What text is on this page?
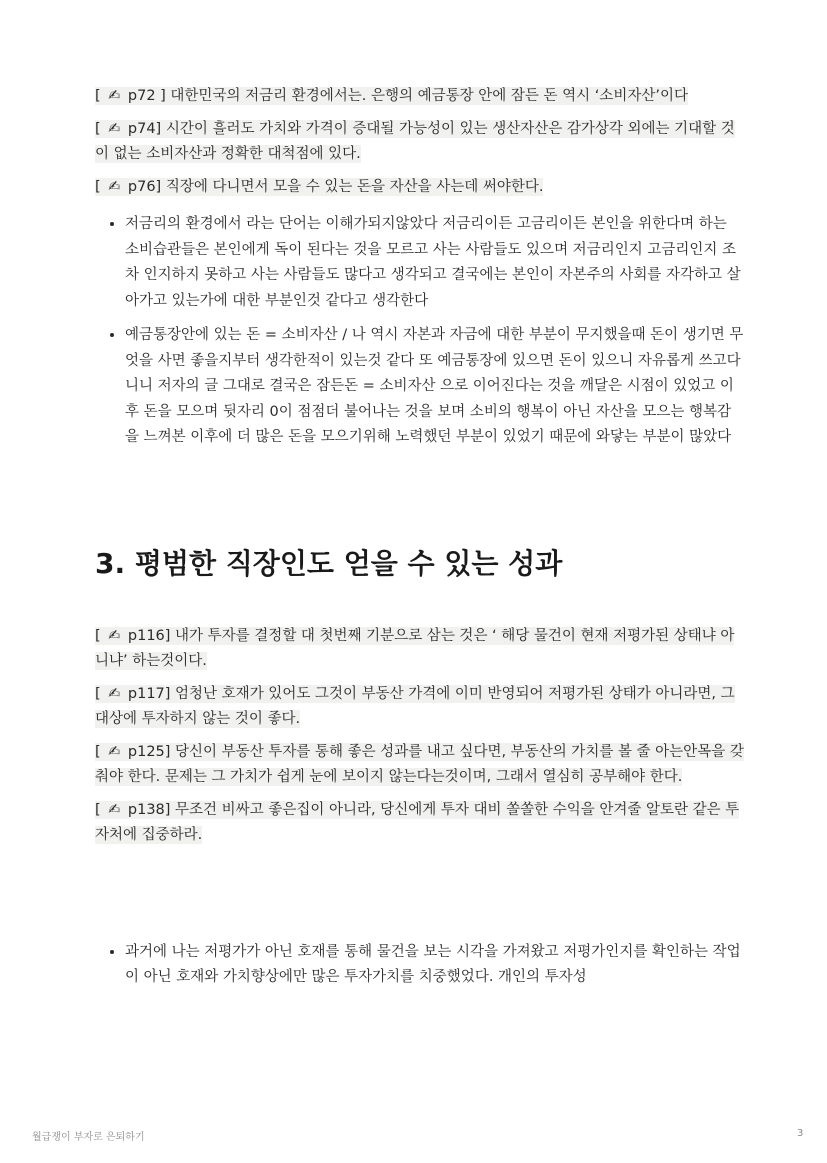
[ ✍ p72 ] 대한민국의 저금리 환경에서는. 은행의 예금통장 안에 잠든 돈 역시 ‘소비자산’이다

[ ✍ p74] 시간이 흘러도 가치와 가격이 증대될 가능성이 있는 생산자산은 감가상각 외에는 기대할 것이 없는 소비자산과 정확한 대척점에 있다.

[ ✍ p76] 직장에 다니면서 모을 수 있는 돈을 자산을 사는데 써야한다.

• 저금리의 환경에서 라는 단어는 이해가되지않았다 저금리이든 고금리이든 본인을 위한다며 하는 소비습관들은 본인에게 독이 된다는 것을 모르고 사는 사람들도 있으며 저금리인지 고금리인지 조차 인지하지 못하고 사는 사람들도 많다고 생각되고 결국에는 본인이 자본주의 사회를 자각하고 살아가고 있는가에 대한 부분인것 같다고 생각한다
• 예금통장안에 있는 돈 = 소비자산 / 나 역시 자본과 자금에 대한 부분이 무지했을때 돈이 생기면 무엇을 사면 좋을지부터 생각한적이 있는것 같다 또 예금통장에 있으면 돈이 있으니 자유롭게 쓰고다니니 저자의 글 그대로 결국은 잠든돈 = 소비자산 으로 이어진다는 것을 깨달은 시점이 있었고 이후 돈을 모으며 뒷자리 0이 점점더 불어나는 것을 보며 소비의 행복이 아닌 자산을 모으는 행복감을 느껴본 이후에 더 많은 돈을 모으기위해 노력했던 부분이 있었기 때문에 와닿는 부분이 많았다
3. 평범한 직장인도 얻을 수 있는 성과

[ ✍ p116] 내가 투자를 결정할 대 첫번째 기분으로 삼는 것은 ‘ 해당 물건이 현재 저평가된 상태냐 아니냐’ 하는것이다.

[ ✍ p117] 엄청난 호재가 있어도 그것이 부동산 가격에 이미 반영되어 저평가된 상태가 아니라면, 그 대상에 투자하지 않는 것이 좋다.

[ ✍ p125] 당신이 부동산 투자를 통해 좋은 성과를 내고 싶다면, 부동산의 가치를 볼 줄 아는안목을 갖춰야 한다. 문제는 그 가치가 쉽게 눈에 보이지 않는다는것이며, 그래서 열심히 공부해야 한다.

[ ✍ p138] 무조건 비싸고 좋은집이 아니라, 당신에게 투자 대비 쏠쏠한 수익을 안겨줄 알토란 같은 투자처에 집중하라.

• 과거에 나는 저평가가 아닌 호재를 통해 물건을 보는 시각을 가져왔고 저평가인지를 확인하는 작업이 아닌 호재와 가치향상에만 많은 투자가치를 치중했었다. 개인의 투자성
월급쟁이 부자로 은퇴하기	3
